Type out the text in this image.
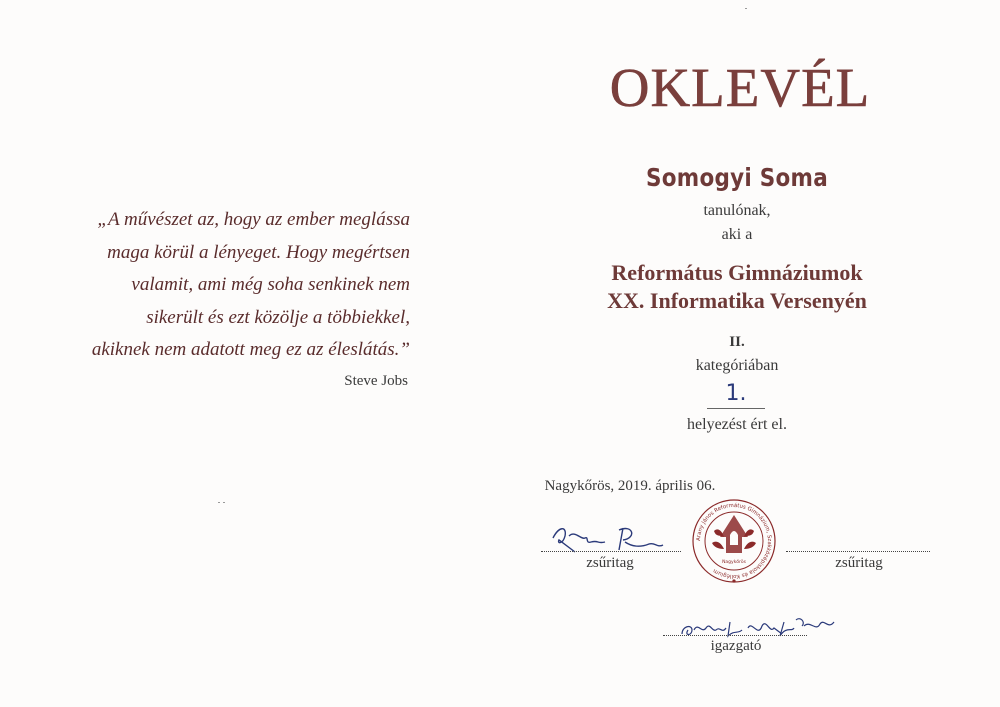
„A művészet az, hogy az ember meglássa
maga körül a lényeget. Hogy megértsen
valamit, ami még soha senkinek nem
sikerült és ezt közölje a többiekkel,
akiknek nem adatott meg ez az éleslátás.”
Steve Jobs
OKLEVÉL
Somogyi Soma
tanulónak,
aki a
Református Gimnáziumok
XX. Informatika Versenyén
II.
kategóriában
1.
helyezést ért el.
Nagykőrös, 2019. április 06.
zsűritag
Arany János Református Gimnázium, Szakközépiskola és Kollégium
Nagykőrös	zsűritag
igazgató
